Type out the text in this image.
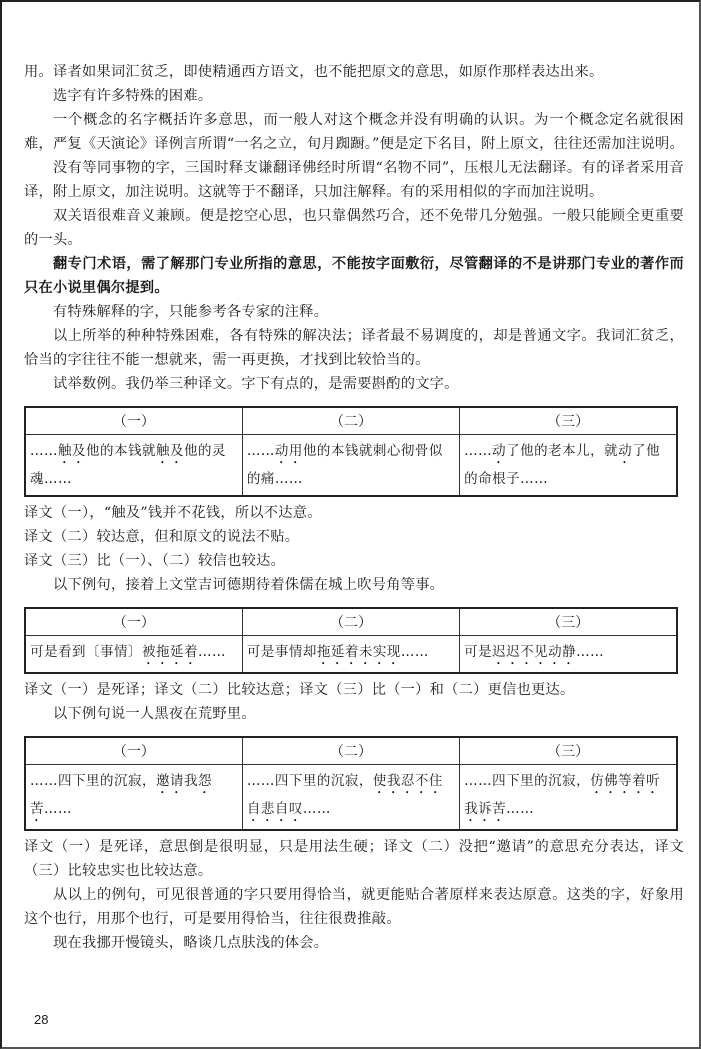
用。译者如果词汇贫乏，即使精通西方语文，也不能把原文的意思，如原作那样表达出来。

选字有许多特殊的困难。

一个概念的名字概括许多意思，而一般人对这个概念并没有明确的认识。为一个概念定名就很困难，严复《天演论》译例言所谓“一名之立，旬月踟蹰。”便是定下名目，附上原文，往往还需加注说明。

没有等同事物的字，三国时释支谦翻译佛经时所谓“名物不同”，压根儿无法翻译。有的译者采用音译，附上原文，加注说明。这就等于不翻译，只加注解释。有的采用相似的字而加注说明。

双关语很难音义兼顾。便是挖空心思，也只靠偶然巧合，还不免带几分勉强。一般只能顾全更重要的一头。

翻专门术语，需了解那门专业所指的意思，不能按字面敷衍，尽管翻译的不是讲那门专业的著作而只在小说里偶尔提到。

有特殊解释的字，只能参考各专家的注释。

以上所举的种种特殊困难，各有特殊的解决法；译者最不易调度的，却是普通文字。我词汇贫乏，恰当的字往往不能一想就来，需一再更换，才找到比较恰当的。

试举数例。我仍举三种译文。字下有点的，是需要斟酌的文字。

（一）	（二）	（三）
……触及他的本钱就触及他的灵魂……	……动用他的本钱就刺心彻骨似的痛……	……动了他的老本儿，就动了他的命根子……

译文（一），“触及”钱并不花钱，所以不达意。

译文（二）较达意，但和原文的说法不贴。

译文（三）比（一）、（二）较信也较达。

以下例句，接着上文堂吉诃德期待着侏儒在城上吹号角等事。

（一）	（二）	（三）
可是看到〔事情〕被拖延着……	可是事情却拖延着未实现……	可是迟迟不见动静……

译文（一）是死译；译文（二）比较达意；译文（三）比（一）和（二）更信也更达。

以下例句说一人黑夜在荒野里。

（一）	（二）	（三）
……四下里的沉寂，邀请我怨苦……	……四下里的沉寂，使我忍不住自悲自叹……	……四下里的沉寂，仿佛等着听我诉苦……

译文（一）是死译，意思倒是很明显，只是用法生硬；译文（二）没把“邀请”的意思充分表达，译文（三）比较忠实也比较达意。

从以上的例句，可见很普通的字只要用得恰当，就更能贴合著原样来表达原意。这类的字，好象用这个也行，用那个也行，可是要用得恰当，往往很费推敲。

现在我挪开慢镜头，略谈几点肤浅的体会。

28
